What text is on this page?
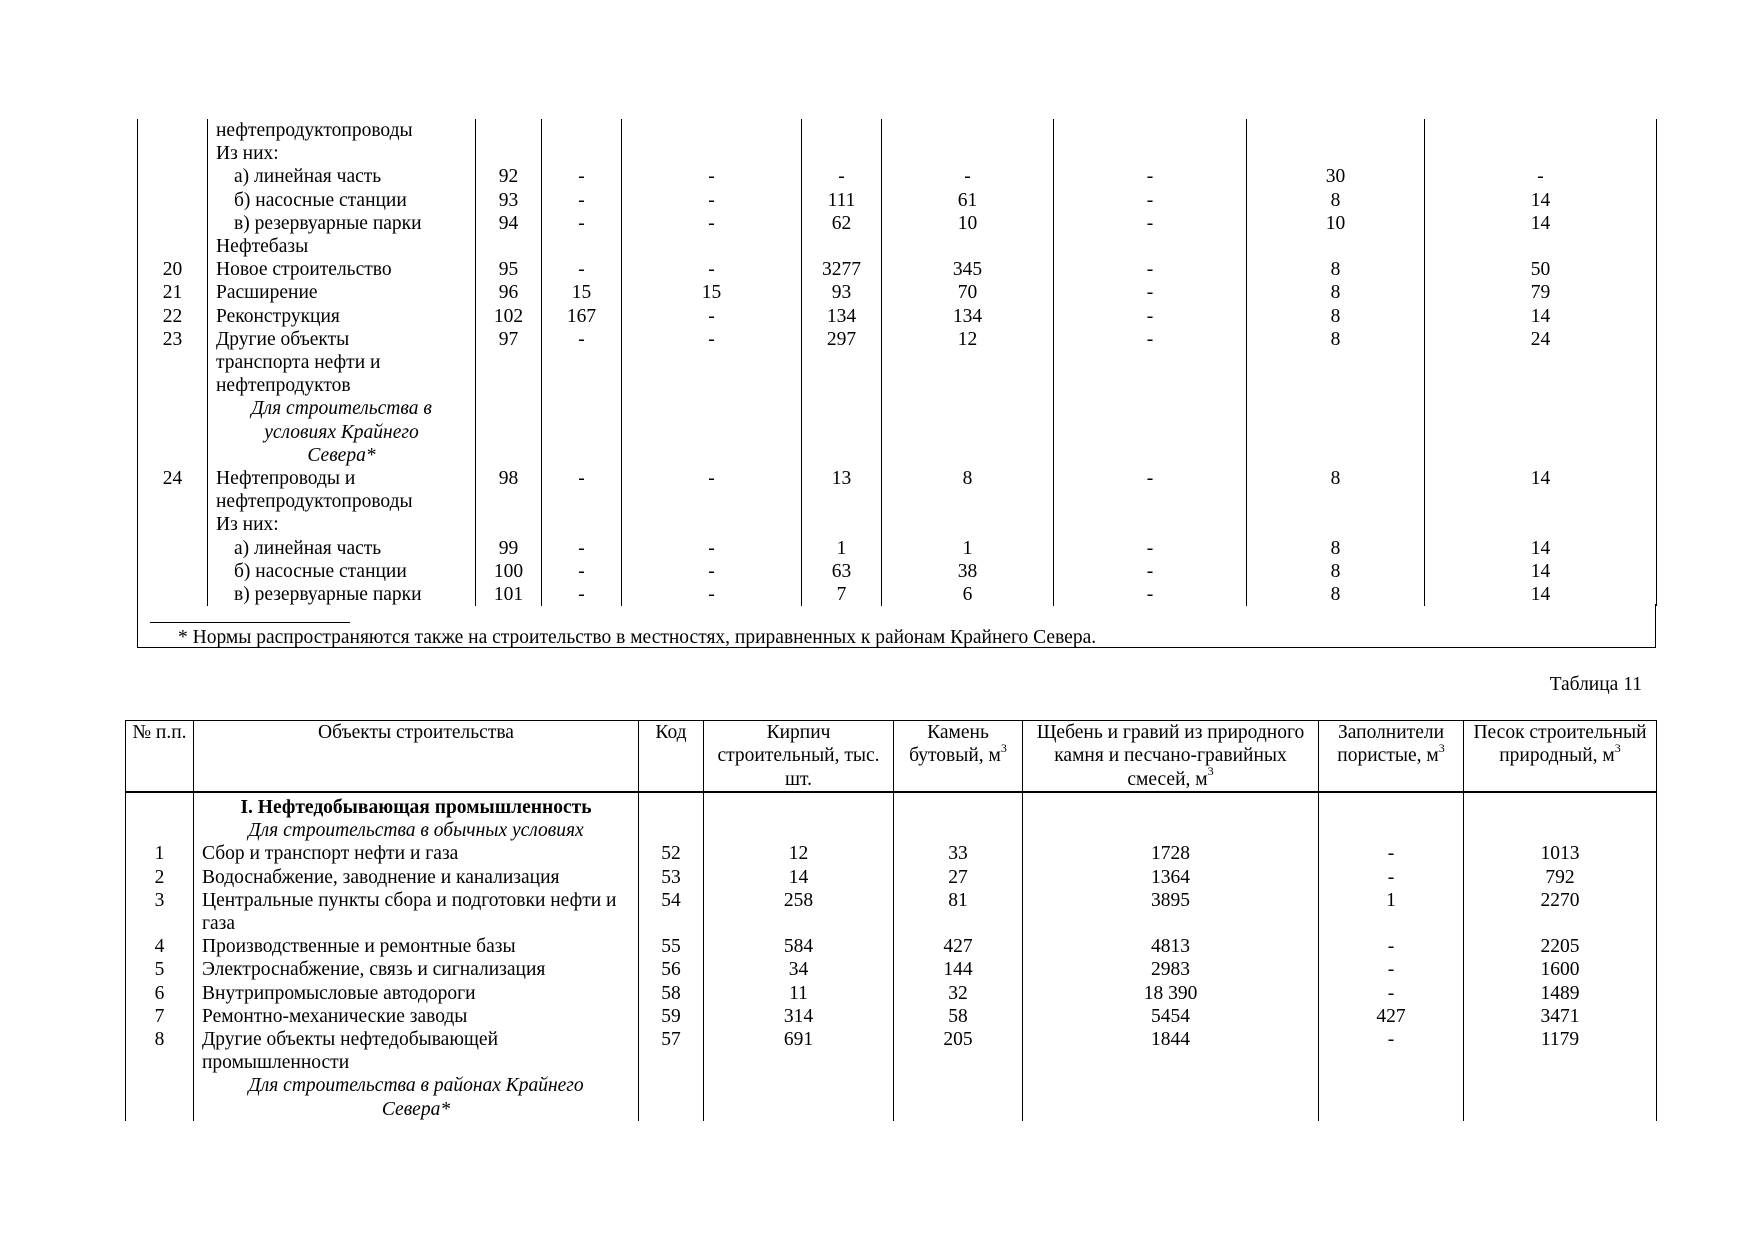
	нефтепродуктопроводы								
	Из них:								
	а) линейная часть	92	-	-	-	-	-	30	-
	б) насосные станции	93	-	-	111	61	-	8	14
	в) резервуарные парки	94	-	-	62	10	-	10	14
	Нефтебазы								
20	Новое строительство	95	-	-	3277	345	-	8	50
21	Расширение	96	15	15	93	70	-	8	79
22	Реконструкция	102	167	-	134	134	-	8	14
23	Другие объекты	97	-	-	297	12	-	8	24
	транспорта нефти и								
	нефтепродуктов								
	Для строительства в условиях Крайнего Севера*								
24	Нефтепроводы и	98	-	-	13	8	-	8	14
	нефтепродуктопроводы								
	Из них:								
	а) линейная часть	99	-	-	1	1	-	8	14
	б) насосные станции	100	-	-	63	38	-	8	14
	в) резервуарные парки	101	-	-	7	6	-	8	14
* Нормы распространяются также на строительство в местностях, приравненных к районам Крайнего Севера.
Таблица 11
№ п.п.	Объекты строительства	Код	Кирпич строительный, тыс. шт.	Камень бутовый, $м^3$	Щебень и гравий из природного камня и песчано-гравийных смесей, $м^3$	Заполнители пористые, $м^3$	Песок строительный природный, $м^3$
	I. Нефтедобывающая промышленность						
	Для строительства в обычных условиях						
1	Сбор и транспорт нефти и газа	52	12	33	1728	-	1013
2	Водоснабжение, заводнение и канализация	53	14	27	1364	-	792
3	Центральные пункты сбора и подготовки нефти и газа	54	258	81	3895	1	2270
4	Производственные и ремонтные базы	55	584	427	4813	-	2205
5	Электроснабжение, связь и сигнализация	56	34	144	2983	-	1600
6	Внутрипромысловые автодороги	58	11	32	18 390	-	1489
7	Ремонтно-механические заводы	59	314	58	5454	427	3471
8	Другие объекты нефтедобывающей промышленности	57	691	205	1844	-	1179
	Для строительства в районах Крайнего Севера*						
